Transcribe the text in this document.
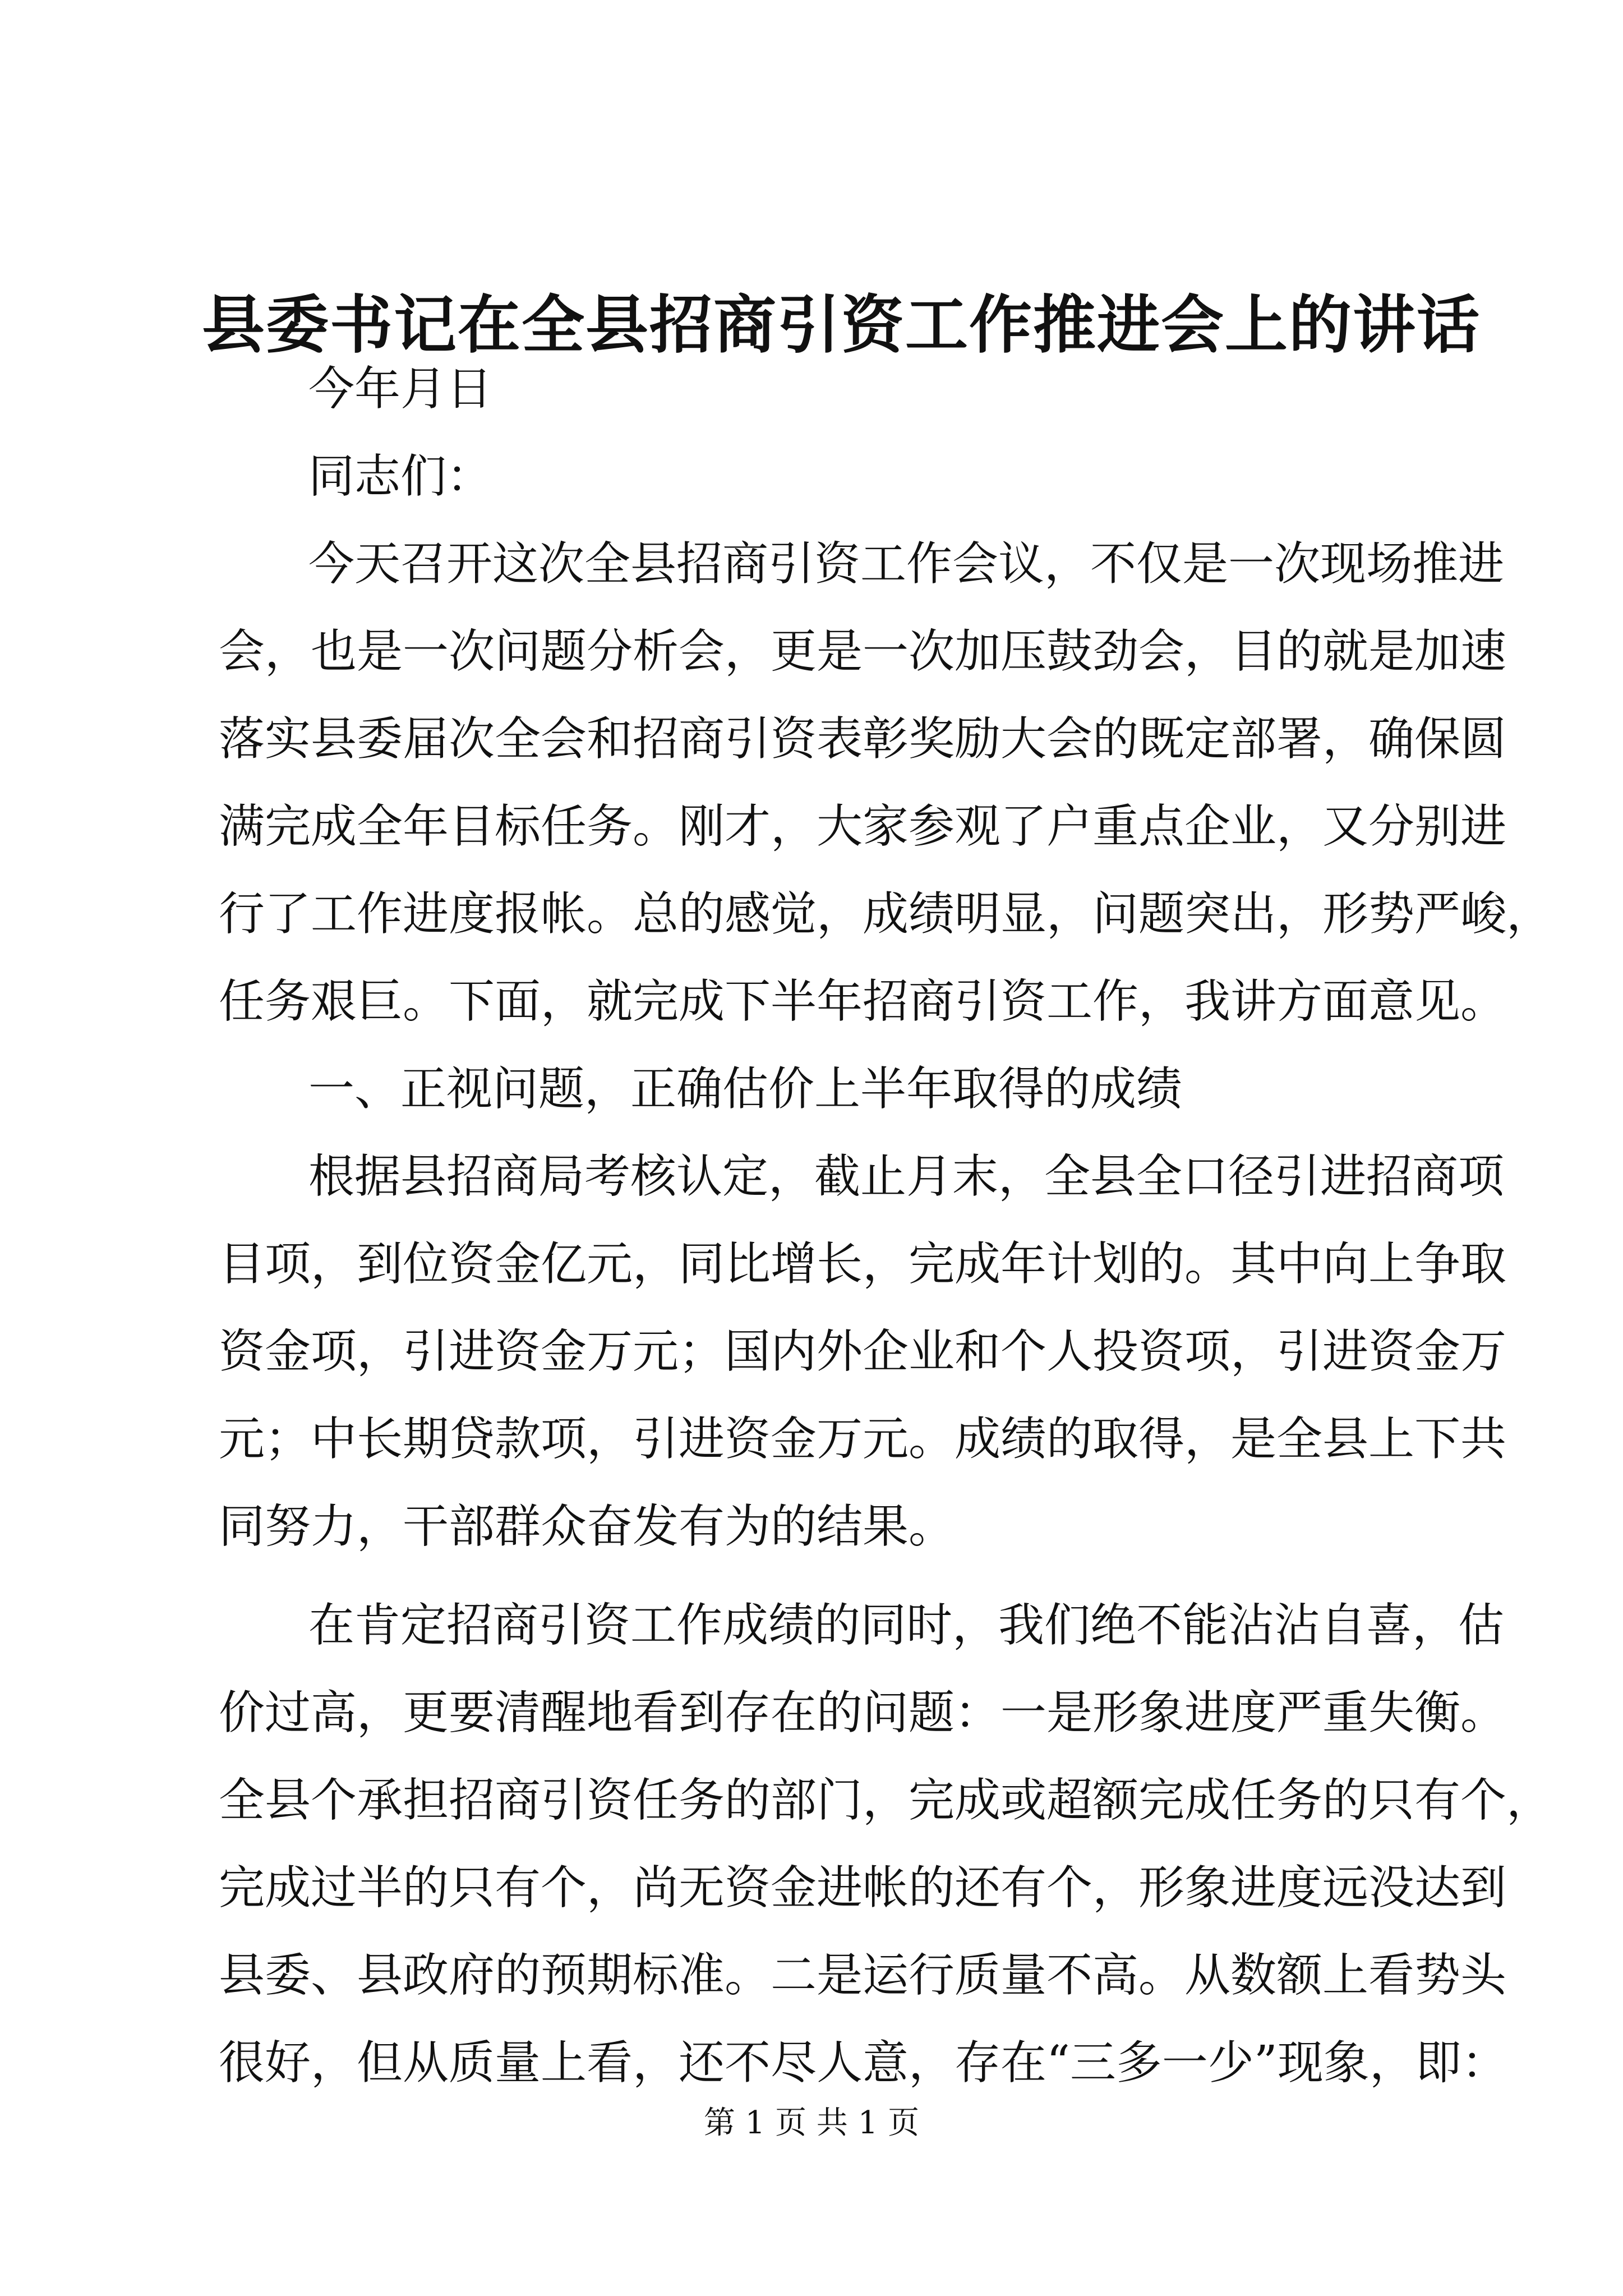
县委书记在全县招商引资工作推进会上的讲话
今年月日
同志们：
今天召开这次全县招商引资工作会议，不仅是一次现场推进
会，也是一次问题分析会，更是一次加压鼓劲会，目的就是加速
落实县委届次全会和招商引资表彰奖励大会的既定部署，确保圆
满完成全年目标任务。刚才，大家参观了户重点企业，又分别进
行了工作进度报帐。总的感觉，成绩明显，问题突出，形势严峻，
任务艰巨。下面，就完成下半年招商引资工作，我讲方面意见。
一、正视问题，正确估价上半年取得的成绩
根据县招商局考核认定，截止月末，全县全口径引进招商项
目项，到位资金亿元，同比增长，完成年计划的。其中向上争取
资金项，引进资金万元；国内外企业和个人投资项，引进资金万
元；中长期贷款项，引进资金万元。成绩的取得，是全县上下共
同努力，干部群众奋发有为的结果。
在肯定招商引资工作成绩的同时，我们绝不能沾沾自喜，估
价过高，更要清醒地看到存在的问题：一是形象进度严重失衡。
全县个承担招商引资任务的部门，完成或超额完成任务的只有个，
完成过半的只有个，尚无资金进帐的还有个，形象进度远没达到
县委、县政府的预期标准。二是运行质量不高。从数额上看势头
很好，但从质量上看，还不尽人意，存在“三多一少”现象，即：
第 1 页 共 1 页
